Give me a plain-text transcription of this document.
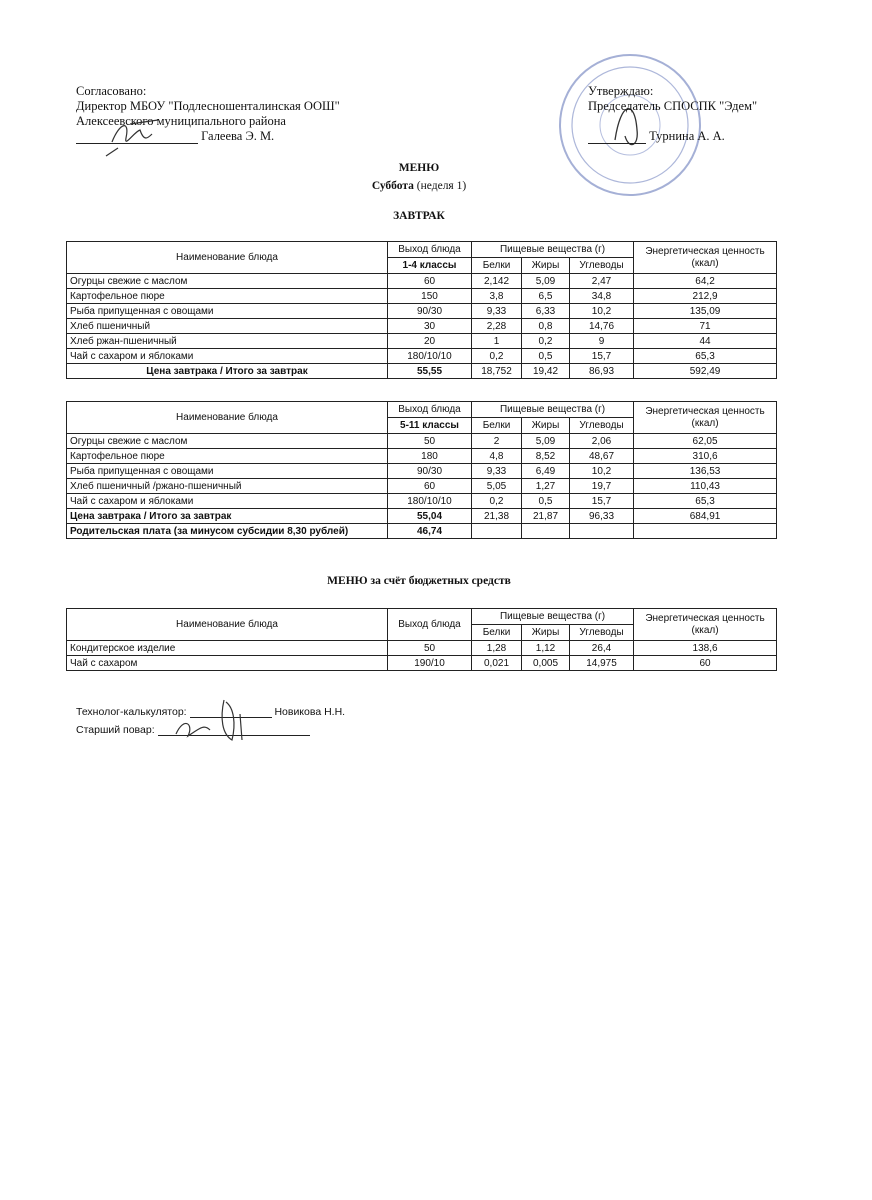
Согласовано:
Директор МБОУ "Подлесношенталинская ООШ"
Алексеевского муниципального района
Галеева Э. М.
Утверждаю:
Председатель СПОСПК "Эдем"
Турнина А. А.
МЕНЮ
Суббота (неделя 1)
ЗАВТРАК
Наименование блюда	Выход блюда	Пищевые вещества (г)			Энергетическая ценность (ккал)
	1-4 классы	Белки	Жиры	Углеводы	
Огурцы свежие с маслом	60	2,142	5,09	2,47	64,2
Картофельное пюре	150	3,8	6,5	34,8	212,9
Рыба припущенная с овощами	90/30	9,33	6,33	10,2	135,09
Хлеб пшеничный	30	2,28	0,8	14,76	71
Хлеб ржан-пшеничный	20	1	0,2	9	44
Чай с сахаром и яблоками	180/10/10	0,2	0,5	15,7	65,3
Цена завтрака / Итого за завтрак	55,55	18,752	19,42	86,93	592,49
Наименование блюда	Выход блюда	Пищевые вещества (г)			Энергетическая ценность (ккал)
	5-11 классы	Белки	Жиры	Углеводы	
Огурцы свежие с маслом	50	2	5,09	2,06	62,05
Картофельное пюре	180	4,8	8,52	48,67	310,6
Рыба припущенная с овощами	90/30	9,33	6,49	10,2	136,53
Хлеб пшеничный /ржано-пшеничный	60	5,05	1,27	19,7	110,43
Чай с сахаром и яблоками	180/10/10	0,2	0,5	15,7	65,3
Цена завтрака / Итого за завтрак	55,04	21,38	21,87	96,33	684,91
Родительская плата (за минусом субсидии 8,30 рублей)	46,74				
МЕНЮ за счёт бюджетных средств
Наименование блюда	Выход блюда	Пищевые вещества (г)			Энергетическая ценность (ккал)
		Белки	Жиры	Углеводы	
Кондитерское изделие	50	1,28	1,12	26,4	138,6
Чай с сахаром	190/10	0,021	0,005	14,975	60
Технолог-калькулятор:	Новикова Н.Н.
Старший повар:
